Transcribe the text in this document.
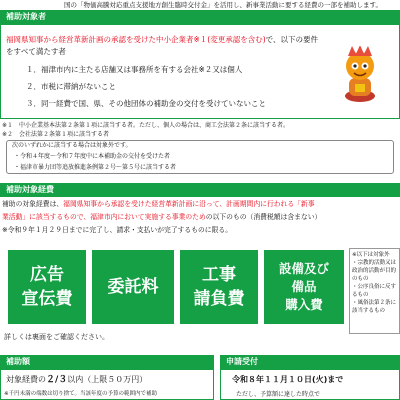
国の「物価高騰対応重点支援地方創生臨時交付金」を活用し、新事業活動に要する経費の一部を補助します。
補助対象者
福岡県知事から経営革新計画の承認を受けた中小企業者※１(変更承認を含む)で、以下の要件
をすべて満たす者
１．福津市内に主たる店舗又は事務所を有する会社※２又は個人
２．市税に滞納がないこと
３．同一経費で国、県、その他団体の補助金の交付を受けていないこと
※１　中小企業基本法第２条第１項に該当する者。ただし、個人の場合は、商工会法第２条に該当する者。
※２　会社法第２条第１項に該当する者
次のいずれかに該当する場合は対象外です。
・令和４年度～令和７年度中に本補助金の交付を受けた者
・福津市暴力団等追放推進条例第２号～第５号に該当する者
補助対象経費
補助の対象経費は、福岡県知事から承認を受けた経営革新計画に沿って、計画期間内に行われる「新事
業活動」に該当するもので、福津市内において実施する事業のための以下のもの（消費税額は含まない）
※令和９年１月２９日までに完了し、請求・支払いが完了するものに限る。
広告
宣伝費
委託料
工事
請負費
設備及び
備品
購入費
※以下は対象外
・宗教的活動又は政治的活動が目的のもの
・公序良俗に反するもの
・風俗法第２条に該当するもの
詳しくは裏面をご確認ください。
補助額
対象経費の２/３以内（上限５０万円）
※千円未満の端数は切り捨て。当該年度の予算の範囲内で補助
申請受付
令和８年１１月１０日(火)まで
ただし、予算額に達した時点で
